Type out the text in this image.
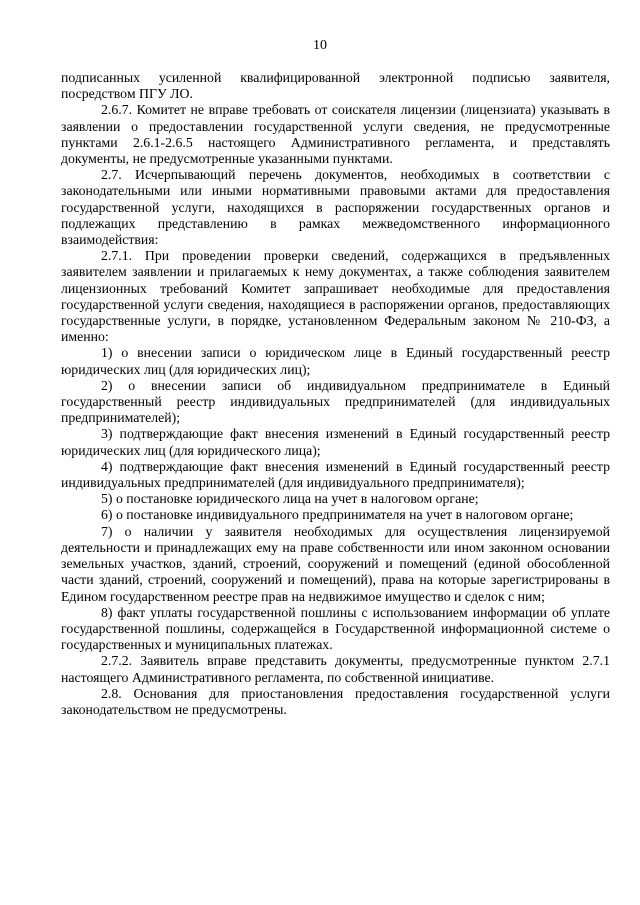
10

подписанных усиленной квалифицированной электронной подписью заявителя, посредством ПГУ ЛО.

2.6.7. Комитет не вправе требовать от соискателя лицензии (лицензиата) указывать в заявлении о предоставлении государственной услуги сведения, не предусмотренные пунктами 2.6.1-2.6.5 настоящего Административного регламента, и представлять документы, не предусмотренные указанными пунктами.

2.7. Исчерпывающий перечень документов, необходимых в соответствии с законодательными или иными нормативными правовыми актами для предоставления государственной услуги, находящихся в распоряжении государственных органов и подлежащих представлению в рамках межведомственного информационного взаимодействия:

2.7.1. При проведении проверки сведений, содержащихся в предъявленных заявителем заявлении и прилагаемых к нему документах, а также соблюдения заявителем лицензионных требований Комитет запрашивает необходимые для предоставления государственной услуги сведения, находящиеся в распоряжении органов, предоставляющих государственные услуги, в порядке, установленном Федеральным законом № 210-ФЗ, а именно:

1) о внесении записи о юридическом лице в Единый государственный реестр юридических лиц (для юридических лиц);

2) о внесении записи об индивидуальном предпринимателе в Единый государственный реестр индивидуальных предпринимателей (для индивидуальных предпринимателей);

3) подтверждающие факт внесения изменений в Единый государственный реестр юридических лиц (для юридического лица);

4) подтверждающие факт внесения изменений в Единый государственный реестр индивидуальных предпринимателей (для индивидуального предпринимателя);

5) о постановке юридического лица на учет в налоговом органе;

6) о постановке индивидуального предпринимателя на учет в налоговом органе;

7) о наличии у заявителя необходимых для осуществления лицензируемой деятельности и принадлежащих ему на праве собственности или ином законном основании земельных участков, зданий, строений, сооружений и помещений (единой обособленной части зданий, строений, сооружений и помещений), права на которые зарегистрированы в Едином государственном реестре прав на недвижимое имущество и сделок с ним;

8) факт уплаты государственной пошлины с использованием информации об уплате государственной пошлины, содержащейся в Государственной информационной системе о государственных и муниципальных платежах.

2.7.2. Заявитель вправе представить документы, предусмотренные пунктом 2.7.1 настоящего Административного регламента, по собственной инициативе.

2.8. Основания для приостановления предоставления государственной услуги законодательством не предусмотрены.
